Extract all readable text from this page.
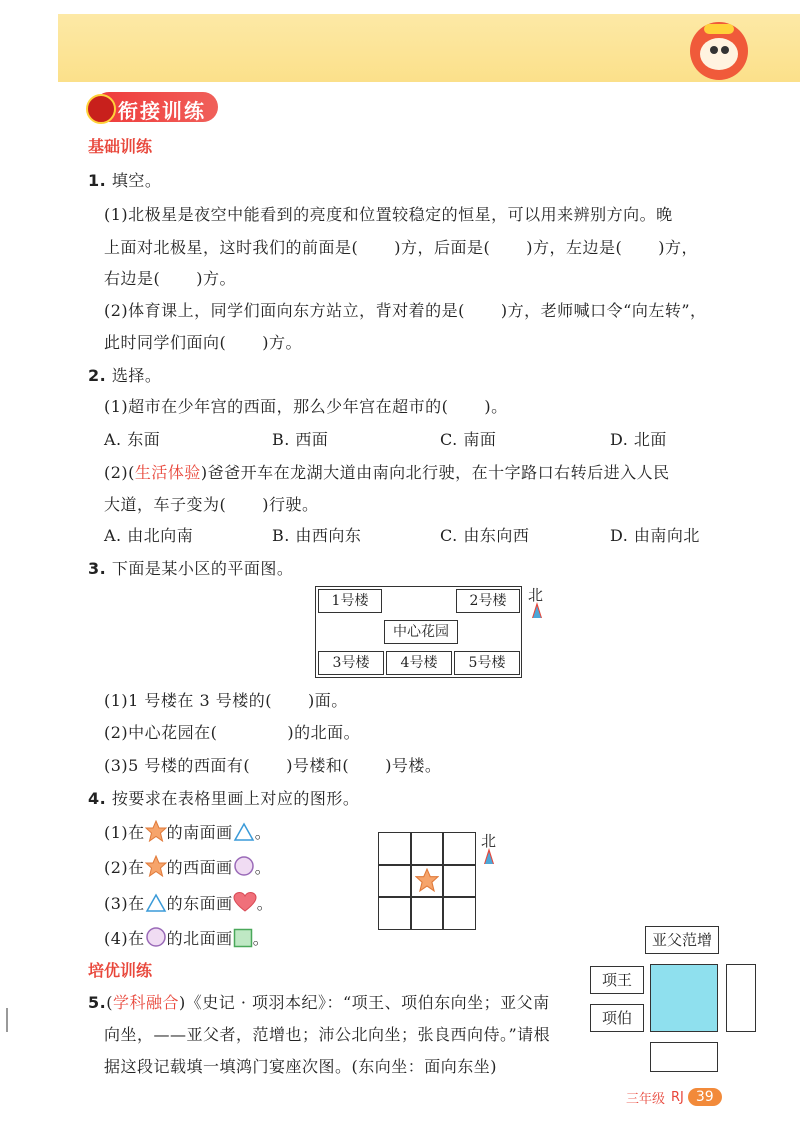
衔接训练
基础训练
1. 填空。
(1)北极星是夜空中能看到的亮度和位置较稳定的恒星，可以用来辨别方向。晚
上面对北极星，这时我们的前面是( )方，后面是( )方，左边是( )方，
右边是( )方。
(2)体育课上，同学们面向东方站立，背对着的是( )方，老师喊口令“向左转”，
此时同学们面向( )方。
2. 选择。
(1)超市在少年宫的西面，那么少年宫在超市的( )。
A. 东面	B. 西面	C. 南面	D. 北面
(2)(生活体验)爸爸开车在龙湖大道由南向北行驶，在十字路口右转后进入人民
大道，车子变为( )行驶。
A. 由北向南	B. 由西向东	C. 由东向西	D. 由南向北
3. 下面是某小区的平面图。
1号楼	2号楼
中心花园
3号楼	4号楼	5号楼
北
(1)1 号楼在 3 号楼的( )面。
(2)中心花园在(	)的北面。
(3)5 号楼的西面有( )号楼和( )号楼。
4. 按要求在表格里画上对应的图形。
(1)在 的南面画 。
(2)在 的西面画 。
(3)在 的东面画 。
(4)在 的北面画 。
北
培优训练
5.(学科融合)《史记 · 项羽本纪》：“项王、项伯东向坐；亚父南
向坐，——亚父者，范增也；沛公北向坐；张良西向侍。”请根
据这段记载填一填鸿门宴座次图。(东向坐：面向东坐)
亚父范增
项王
项伯
三年级 RJ 39
